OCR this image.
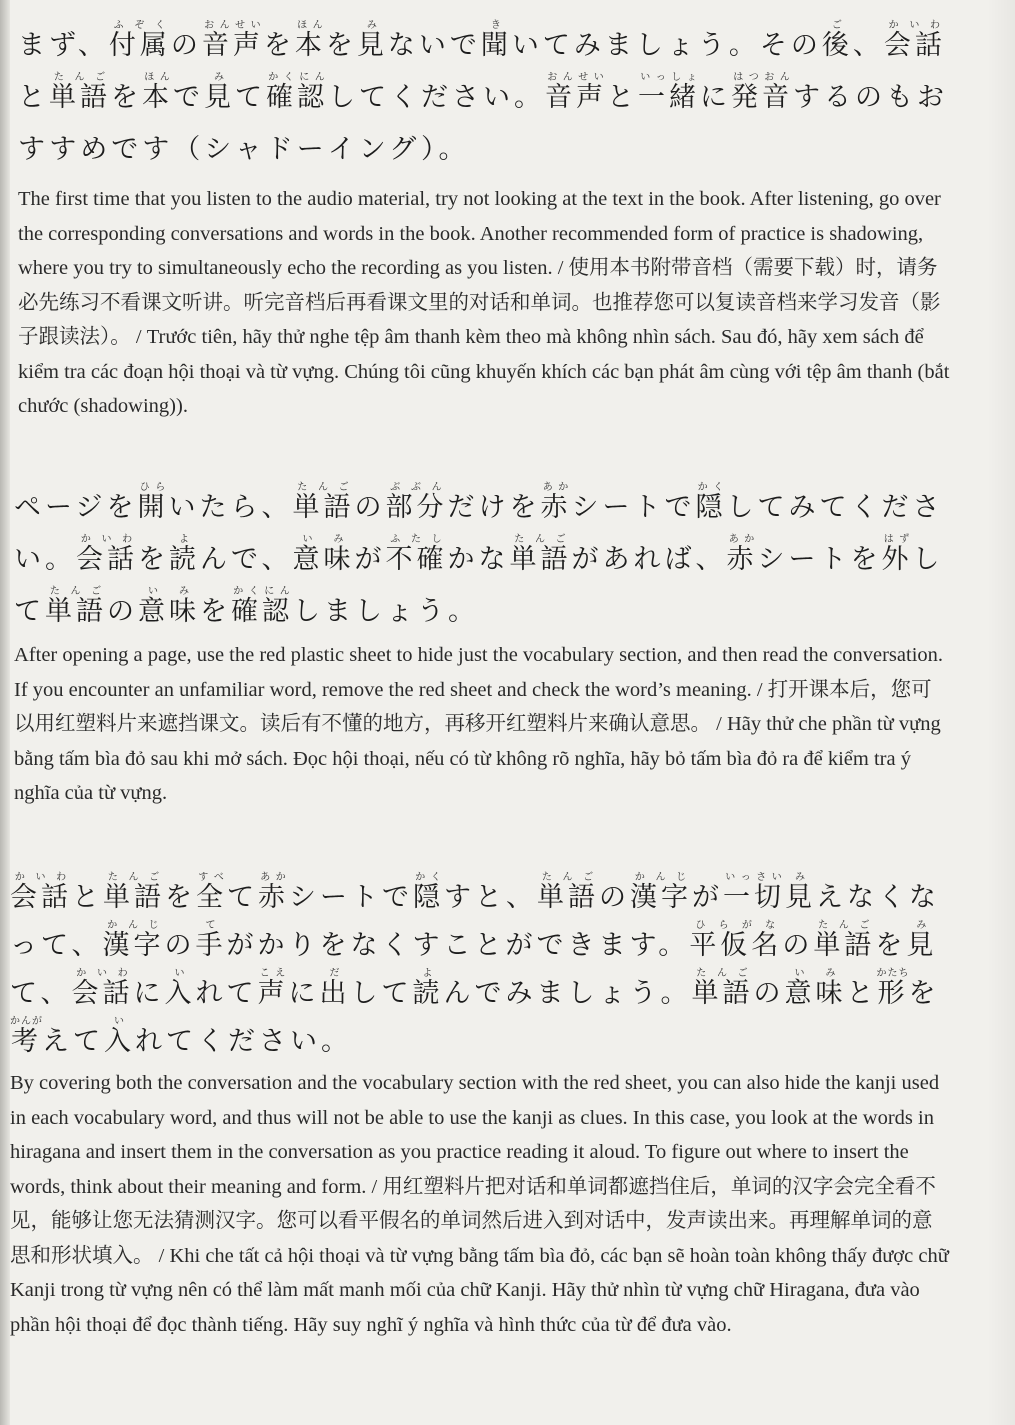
まず、付属ふぞくの音声おんせいを本ほんを見みないで聞きいてみましょう。その後ご、会話かいわと単語たんごを本ほんで見みて確認かくにんしてください。音声おんせいと一緒いっしょに発音はつおんするのもおすすめです（シャドーイング）。

The first time that you listen to the audio material, try not looking at the text in the book. After listening, go over the corresponding conversations and words in the book. Another recommended form of practice is shadowing, where you try to simultaneously echo the recording as you listen. / 使用本书附带音档（需要下载）时，请务必先练习不看课文听讲。听完音档后再看课文里的对话和单词。也推荐您可以复读音档来学习发音（影子跟读法）。 / Trước tiên, hãy thử nghe tệp âm thanh kèm theo mà không nhìn sách. Sau đó, hãy xem sách để kiểm tra các đoạn hội thoại và từ vựng. Chúng tôi cũng khuyến khích các bạn phát âm cùng với tệp âm thanh (bắt chước (shadowing)).

ページを開ひらいたら、単語たんごの部分ぶぶんだけを赤あかシートで隠かくしてみてください。会話かいわを読よんで、意味いみが不確ふたしかな単語たんごがあれば、赤あかシートを外はずして単語たんごの意味いみを確認かくにんしましょう。

After opening a page, use the red plastic sheet to hide just the vocabulary section, and then read the conversation. If you encounter an unfamiliar word, remove the red sheet and check the word’s meaning. / 打开课本后，您可以用红塑料片来遮挡课文。读后有不懂的地方，再移开红塑料片来确认意思。 / Hãy thử che phần từ vựng bằng tấm bìa đỏ sau khi mở sách. Đọc hội thoại, nếu có từ không rõ nghĩa, hãy bỏ tấm bìa đỏ ra để kiểm tra ý nghĩa của từ vựng.

会話かいわと単語たんごを全すべて赤あかシートで隠かくすと、単語たんごの漢字かんじが一切いっさい見みえなくなって、漢字かんじの手てがかりをなくすことができます。平仮名ひらがなの単語たんごを見みて、会話かいわに入いれて声こえに出だして読よんでみましょう。単語たんごの意味いみと形かたちを考かんがえて入いれてください。

By covering both the conversation and the vocabulary section with the red sheet, you can also hide the kanji used in each vocabulary word, and thus will not be able to use the kanji as clues. In this case, you look at the words in hiragana and insert them in the conversation as you practice reading it aloud. To figure out where to insert the words, think about their meaning and form. / 用红塑料片把对话和单词都遮挡住后，单词的汉字会完全看不见，能够让您无法猜测汉字。您可以看平假名的单词然后进入到对话中，发声读出来。再理解单词的意思和形状填入。 / Khi che tất cả hội thoại và từ vựng bằng tấm bìa đỏ, các bạn sẽ hoàn toàn không thấy được chữ Kanji trong từ vựng nên có thể làm mất manh mối của chữ Kanji. Hãy thử nhìn từ vựng chữ Hiragana, đưa vào phần hội thoại để đọc thành tiếng. Hãy suy nghĩ ý nghĩa và hình thức của từ để đưa vào.
